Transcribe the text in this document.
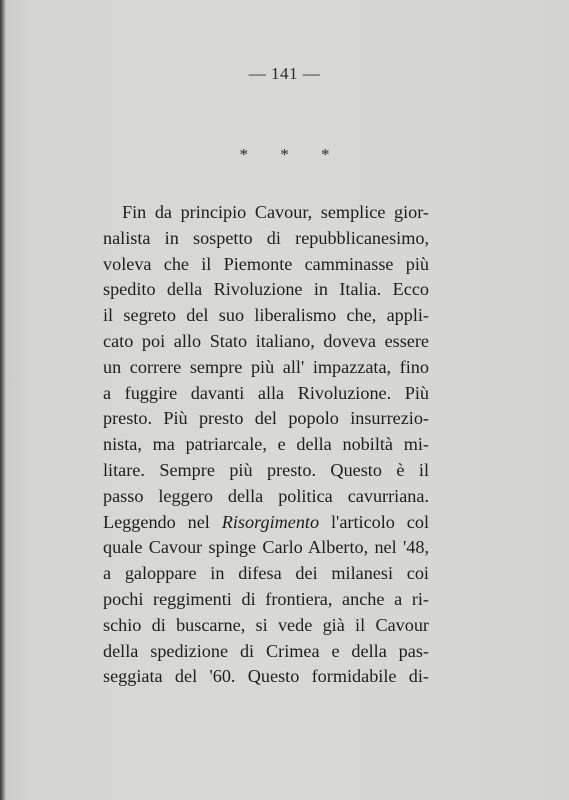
— 141 —
* * *
Fin da principio Cavour, semplice gior-
nalista in sospetto di repubblicanesimo,
voleva che il Piemonte camminasse più
spedito della Rivoluzione in Italia. Ecco
il segreto del suo liberalismo che, appli-
cato poi allo Stato italiano, doveva essere
un correre sempre più all' impazzata, fino
a fuggire davanti alla Rivoluzione. Più
presto. Più presto del popolo insurrezio-
nista, ma patriarcale, e della nobiltà mi-
litare. Sempre più presto. Questo è il
passo leggero della politica cavurriana.
Leggendo nel Risorgimento l'articolo col
quale Cavour spinge Carlo Alberto, nel '48,
a galoppare in difesa dei milanesi coi
pochi reggimenti di frontiera, anche a ri-
schio di buscarne, si vede già il Cavour
della spedizione di Crimea e della pas-
seggiata del '60. Questo formidabile di-
